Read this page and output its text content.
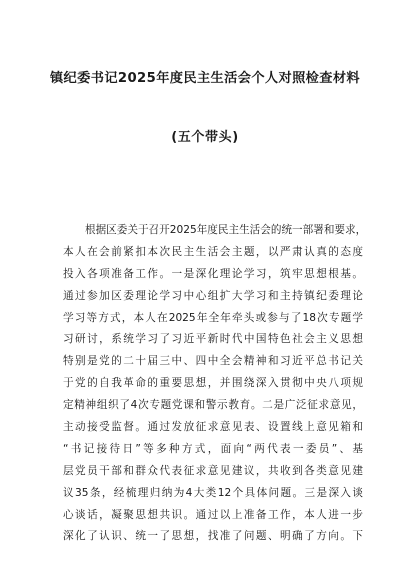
镇纪委书记2025年度民主生活会个人对照检查材料
(五个带头)
根据区委关于召开2025年度民主生活会的统一部署和要求，
本人在会前紧扣本次民主生活会主题，以严肃认真的态度
投入各项准备工作。一是深化理论学习，筑牢思想根基。
通过参加区委理论学习中心组扩大学习和主持镇纪委理论
学习等方式，本人在2025年全年牵头或参与了18次专题学
习研讨，系统学习了习近平新时代中国特色社会主义思想
特别是党的二十届三中、四中全会精神和习近平总书记关
于党的自我革命的重要思想，并围绕深入贯彻中央八项规
定精神组织了4次专题党课和警示教育。二是广泛征求意见，
主动接受监督。通过发放征求意见表、设置线上意见箱和
“书记接待日”等多种方式，面向“两代表一委员”、基
层党员干部和群众代表征求意见建议，共收到各类意见建
议35条，经梳理归纳为4大类12个具体问题。三是深入谈
心谈话，凝聚思想共识。通过以上准备工作，本人进一步
深化了认识、统一了思想，找准了问题、明确了方向。下
